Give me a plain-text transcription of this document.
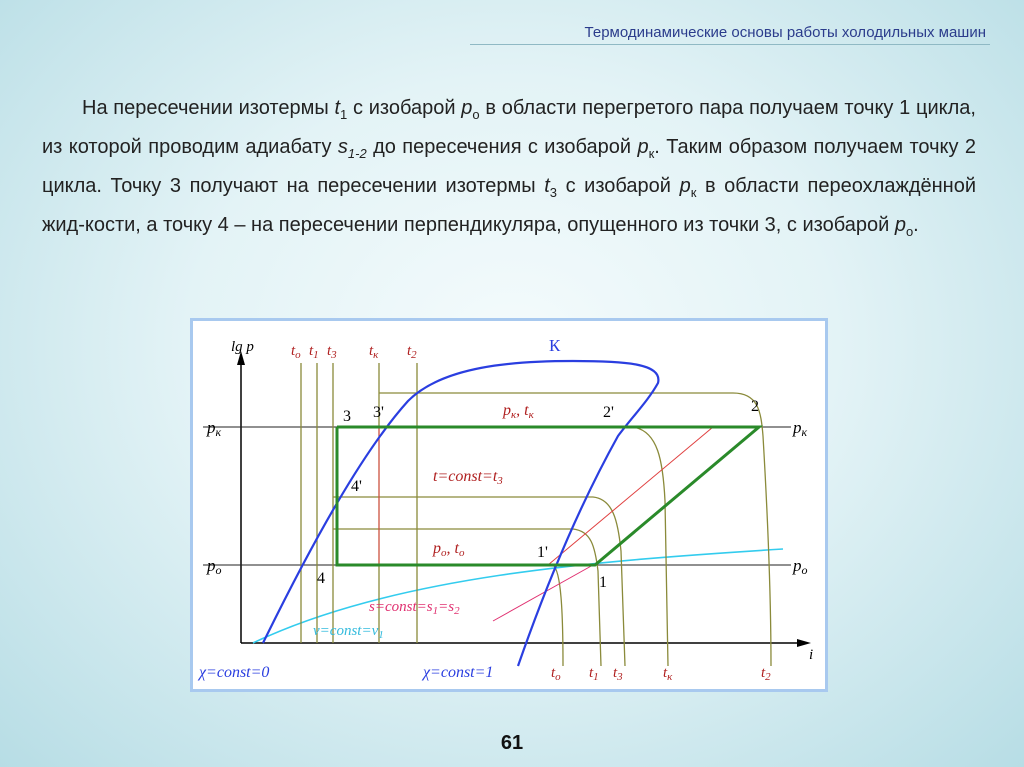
Термодинамические основы работы холодильных машин
На пересечении изотермы $t_1$ с изобарой $p_о$ в области перегретого пара получаем точку 1 цикла, из которой проводим адиабату $s_{1-2}$ до пересечения с изобарой $p_к$. Таким образом получаем точку 2 цикла. Точку 3 получают на пересечении изотермы $t_3$ с изобарой $p_к$ в области переохлаждённой жид-кости, а точку 4 – на пересечении перпендикуляра, опущенного из точки 3, с изобарой $p_о$.
lg p
i
К
$t_о$ $t_1$ $t_3$ $t_к$ $t_2$
pк
pо
pк
pо
3 3'	2'	2
4'
1'
1
4
pк, tк
t=const=t3
pо, tо
$s=const=s_1=s_2$
$v=const=v_1$
χ=const=0	χ=const=1	$t_о$ $t_1$ $t_3$	$t_к$	$t_2$
61
